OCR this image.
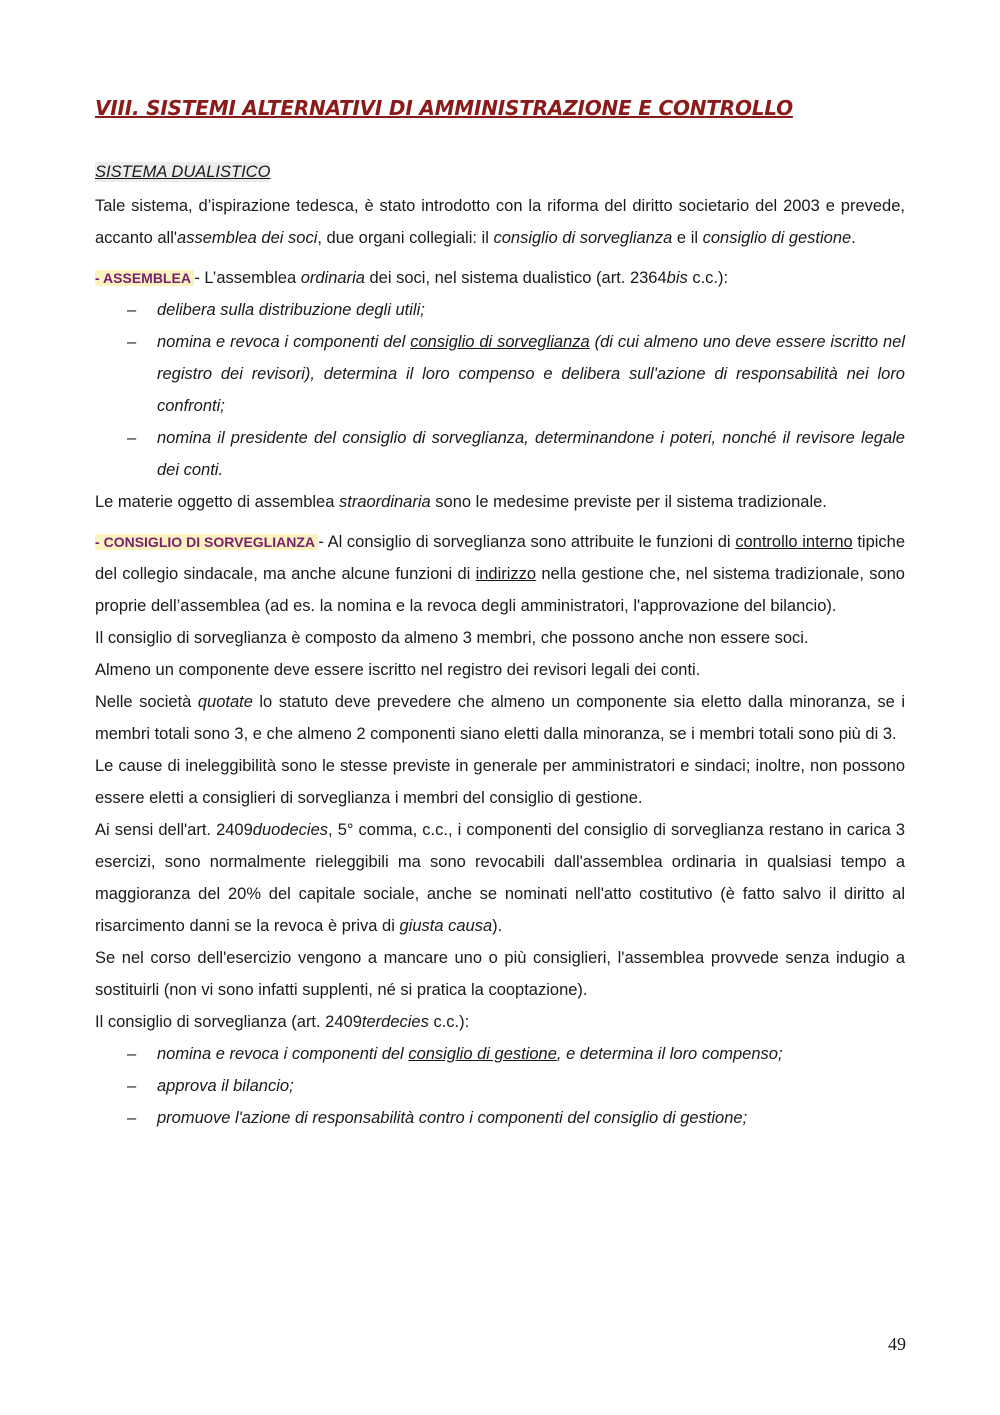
VIII. SISTEMI ALTERNATIVI DI AMMINISTRAZIONE E CONTROLLO
SISTEMA DUALISTICO

Tale sistema, d’ispirazione tedesca, è stato introdotto con la riforma del diritto societario del 2003 e prevede, accanto all'assemblea dei soci, due organi collegiali: il consiglio di sorveglianza e il consiglio di gestione.

- ASSEMBLEA - L’assemblea ordinaria dei soci, nel sistema dualistico (art. 2364bis c.c.):

– delibera sulla distribuzione degli utili;
– nomina e revoca i componenti del consiglio di sorveglianza (di cui almeno uno deve essere iscritto nel registro dei revisori), determina il loro compenso e delibera sull'azione di responsabilità nei loro confronti;
– nomina il presidente del consiglio di sorveglianza, determinandone i poteri, nonché il revisore legale dei conti.

Le materie oggetto di assemblea straordinaria sono le medesime previste per il sistema tradizionale.

- CONSIGLIO DI SORVEGLIANZA - Al consiglio di sorveglianza sono attribuite le funzioni di controllo interno tipiche del collegio sindacale, ma anche alcune funzioni di indirizzo nella gestione che, nel sistema tradizionale, sono proprie dell’assemblea (ad es. la nomina e la revoca degli amministratori, l'approvazione del bilancio).

Il consiglio di sorveglianza è composto da almeno 3 membri, che possono anche non essere soci.

Almeno un componente deve essere iscritto nel registro dei revisori legali dei conti.

Nelle società quotate lo statuto deve prevedere che almeno un componente sia eletto dalla minoranza, se i membri totali sono 3, e che almeno 2 componenti siano eletti dalla minoranza, se i membri totali sono più di 3.

Le cause di ineleggibilità sono le stesse previste in generale per amministratori e sindaci; inoltre, non possono essere eletti a consiglieri di sorveglianza i membri del consiglio di gestione.

Ai sensi dell'art. 2409duodecies, 5° comma, c.c., i componenti del consiglio di sorveglianza restano in carica 3 esercizi, sono normalmente rieleggibili ma sono revocabili dall'assemblea ordinaria in qualsiasi tempo a maggioranza del 20% del capitale sociale, anche se nominati nell'atto costitutivo (è fatto salvo il diritto al risarcimento danni se la revoca è priva di giusta causa).

Se nel corso dell'esercizio vengono a mancare uno o più consiglieri, l'assemblea provvede senza indugio a sostituirli (non vi sono infatti supplenti, né si pratica la cooptazione).

Il consiglio di sorveglianza (art. 2409terdecies c.c.):

– nomina e revoca i componenti del consiglio di gestione, e determina il loro compenso;
– approva il bilancio;
– promuove l'azione di responsabilità contro i componenti del consiglio di gestione;
49
